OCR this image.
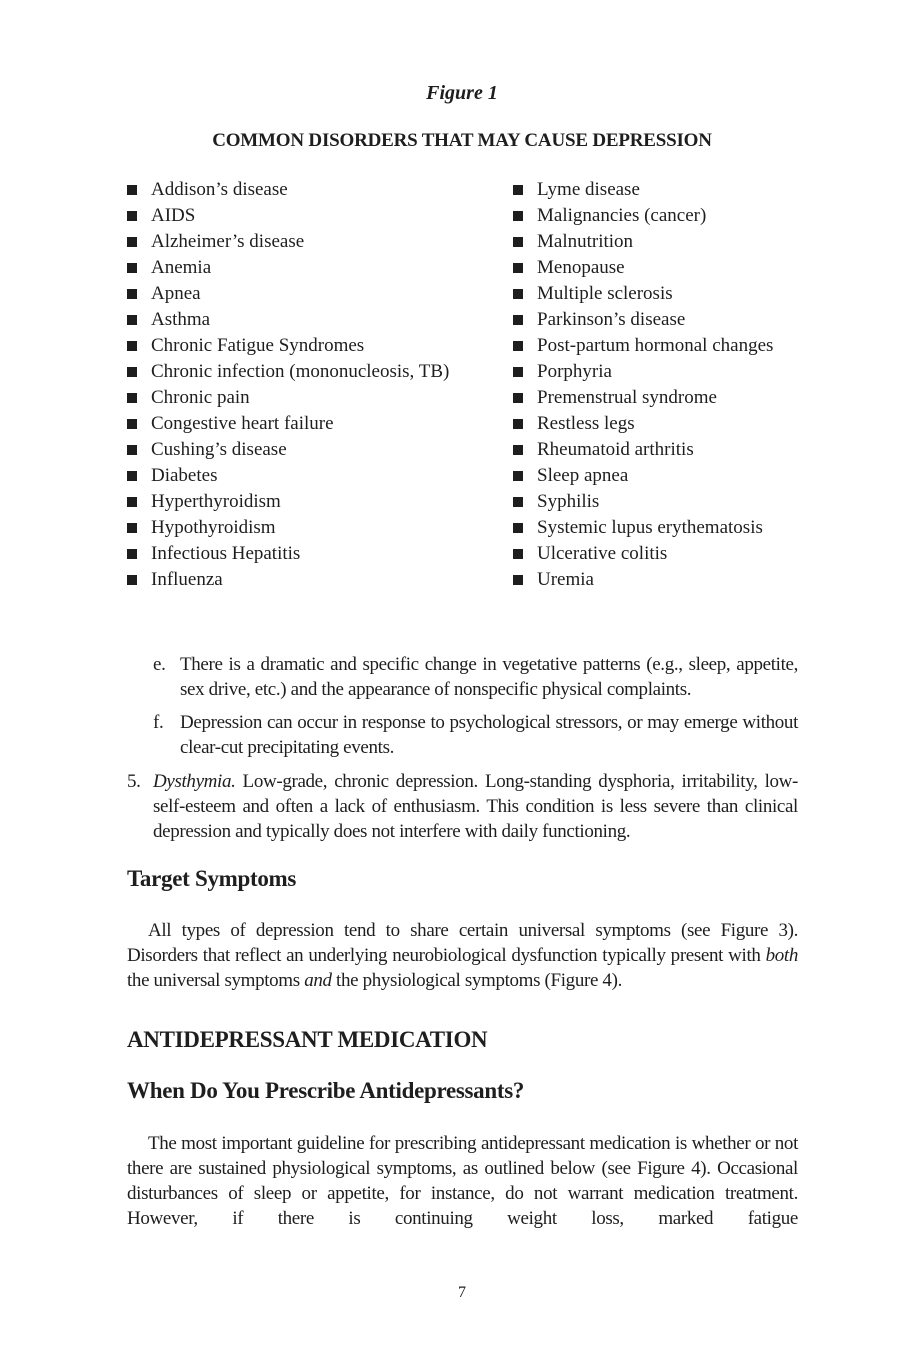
Figure 1
COMMON DISORDERS THAT MAY CAUSE DEPRESSION
Addison’s disease
AIDS
Alzheimer’s disease
Anemia
Apnea
Asthma
Chronic Fatigue Syndromes
Chronic infection (mononucleosis, TB)
Chronic pain
Congestive heart failure
Cushing’s disease
Diabetes
Hyperthyroidism
Hypothyroidism
Infectious Hepatitis
Influenza
Lyme disease
Malignancies (cancer)
Malnutrition
Menopause
Multiple sclerosis
Parkinson’s disease
Post-partum hormonal changes
Porphyria
Premenstrual syndrome
Restless legs
Rheumatoid arthritis
Sleep apnea
Syphilis
Systemic lupus erythematosis
Ulcerative colitis
Uremia
e. There is a dramatic and specific change in vegetative patterns (e.g., sleep, appetite, sex drive, etc.) and the appearance of nonspecific physical complaints.
f. Depression can occur in response to psychological stressors, or may emerge without clear-cut precipitating events.
5. Dysthymia. Low-grade, chronic depression. Long-standing dysphoria, irritability, low-self-esteem and often a lack of enthusiasm. This condition is less severe than clinical depression and typically does not interfere with daily functioning.
Target Symptoms
All types of depression tend to share certain universal symptoms (see Figure 3). Disorders that reflect an underlying neurobiological dysfunction typically present with both the universal symptoms and the physiological symptoms (Figure 4).
ANTIDEPRESSANT MEDICATION
When Do You Prescribe Antidepressants?
The most important guideline for prescribing antidepressant medication is whether or not there are sustained physiological symptoms, as outlined below (see Figure 4). Occasional disturbances of sleep or appetite, for instance, do not warrant medication treatment. However, if there is continuing weight loss, marked fatigue
7
